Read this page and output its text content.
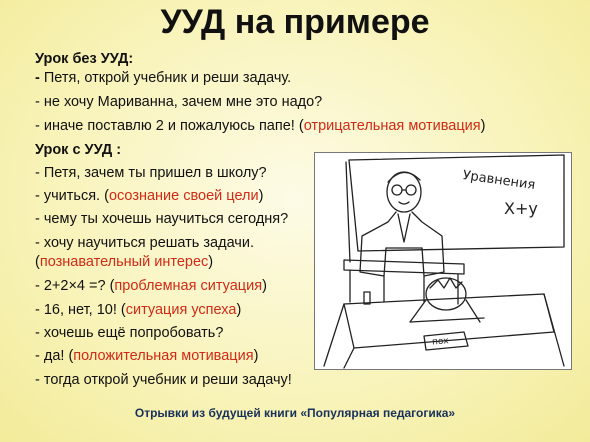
УУД на примере
Урок без УУД:
- Петя, открой учебник и реши задачу.
- не хочу Мариванна, зачем мне это надо?
- иначе поставлю 2 и пожалуюсь папе! (отрицательная мотивация)
Урок с УУД :
- Петя, зачем ты пришел в школу?
- учиться. (осознание своей цели)
- чему ты хочешь научиться сегодня?
- хочу научиться решать задачи.
(познавательный интерес)
- 2+2×4 =? (проблемная ситуация)
- 16, нет, 10! (ситуация успеха)
- хочешь ещё попробовать?
- да! (положительная мотивация)
- тогда открой учебник и реши задачу!
Уравнения
X+y
пох
Отрывки из будущей книги «Популярная педагогика»
